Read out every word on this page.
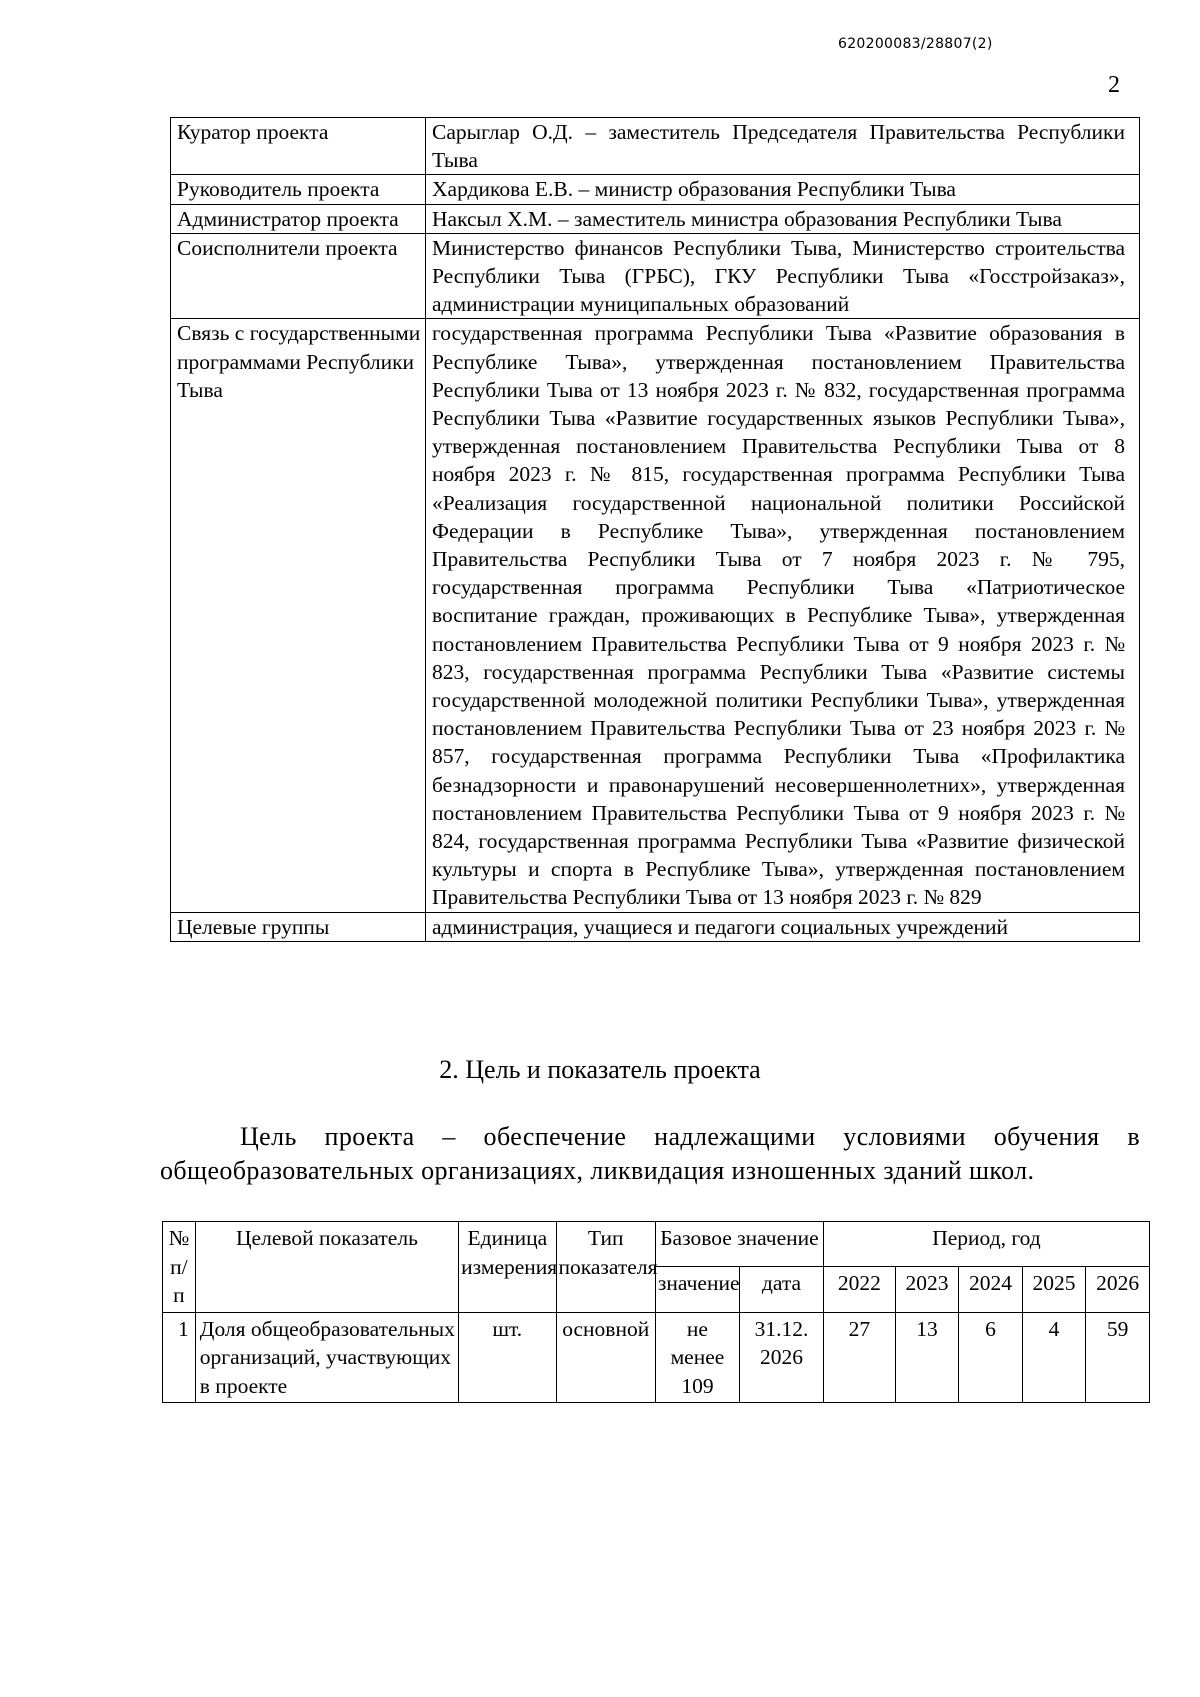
620200083/28807(2)
2
Куратор проекта	Сарыглар О.Д. – заместитель Председателя Правительства Республики Тыва
Руководитель проекта	Хардикова Е.В. – министр образования Республики Тыва
Администратор проекта	Наксыл Х.М. – заместитель министра образования Республики Тыва
Соисполнители проекта	Министерство финансов Республики Тыва, Министерство строительства Республики Тыва (ГРБС), ГКУ Республики Тыва «Госстройзаказ», администрации муниципальных образований
Связь с государственными программами Республики Тыва	государственная программа Республики Тыва «Развитие образования в Республике Тыва», утвержденная постановлением Правительства Республики Тыва от 13 ноября 2023 г. № 832, государственная программа Республики Тыва «Развитие государственных языков Республики Тыва», утвержденная постановлением Правительства Республики Тыва от 8 ноября 2023 г. № 815, государственная программа Республики Тыва «Реализация государственной национальной политики Российской Федерации в Республике Тыва», утвержденная постановлением Правительства Республики Тыва от 7 ноября 2023 г. № 795, государственная программа Республики Тыва «Патриотическое воспитание граждан, проживающих в Республике Тыва», утвержденная постановлением Правительства Республики Тыва от 9 ноября 2023 г. № 823, государственная программа Республики Тыва «Развитие системы государственной молодежной политики Республики Тыва», утвержденная постановлением Правительства Республики Тыва от 23 ноября 2023 г. № 857, государственная программа Республики Тыва «Профилактика безнадзорности и правонарушений несовершеннолетних», утвержденная постановлением Правительства Республики Тыва от 9 ноября 2023 г. № 824, государственная программа Республики Тыва «Развитие физической культуры и спорта в Республике Тыва», утвержденная постановлением Правительства Республики Тыва от 13 ноября 2023 г. № 829
Целевые группы	администрация, учащиеся и педагоги социальных учреждений
2. Цель и показатель проекта
Цель проекта – обеспечение надлежащими условиями обучения в общеобразовательных организациях, ликвидация изношенных зданий школ.
№ п/п	Целевой показатель	Единица измерения	Тип показателя	Базовое значение		Период, год				
				значение	дата	2022	2023	2024	2025	2026
1	Доля общеобразовательных организаций, участвующих в проекте	шт.	основной	не менее 109	31.12. 2026	27	13	6	4	59
